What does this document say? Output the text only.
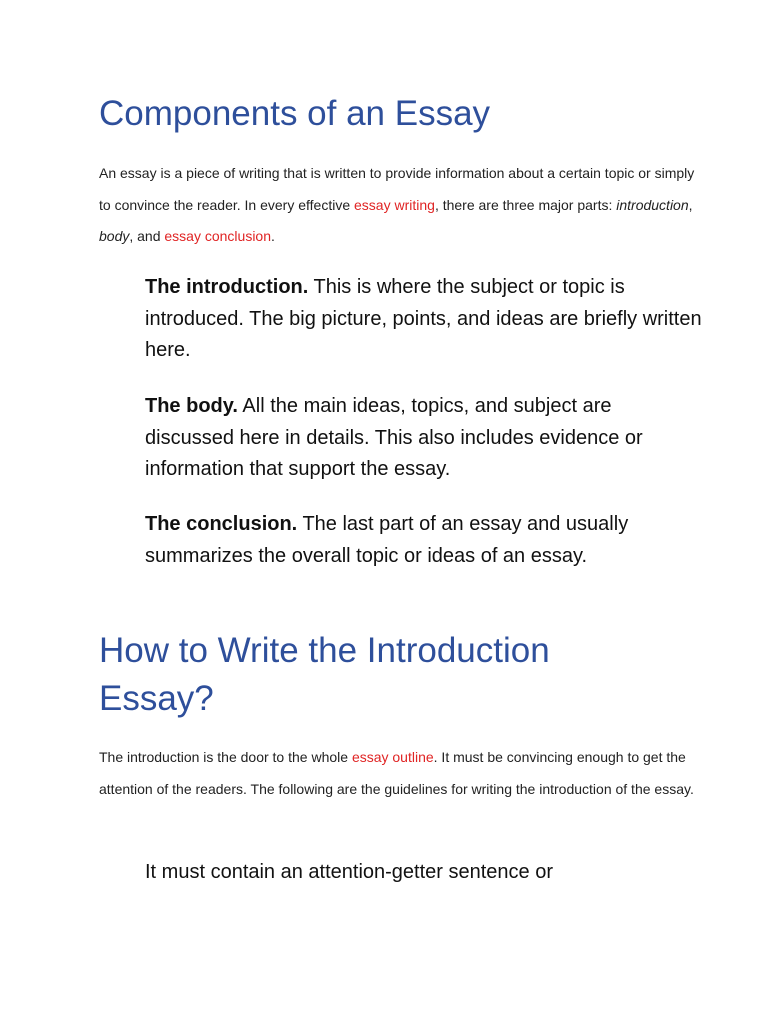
Components of an Essay

An essay is a piece of writing that is written to provide information about a certain topic or simply to convince the reader. In every effective essay writing, there are three major parts: introduction, body, and essay conclusion.

The introduction. This is where the subject or topic is introduced. The big picture, points, and ideas are briefly written here.

The body. All the main ideas, topics, and subject are discussed here in details. This also includes evidence or information that support the essay.

The conclusion. The last part of an essay and usually summarizes the overall topic or ideas of an essay.

How to Write the Introduction
Essay?

The introduction is the door to the whole essay outline. It must be convincing enough to get the attention of the readers. The following are the guidelines for writing the introduction of the essay.

It must contain an attention-getter sentence or
